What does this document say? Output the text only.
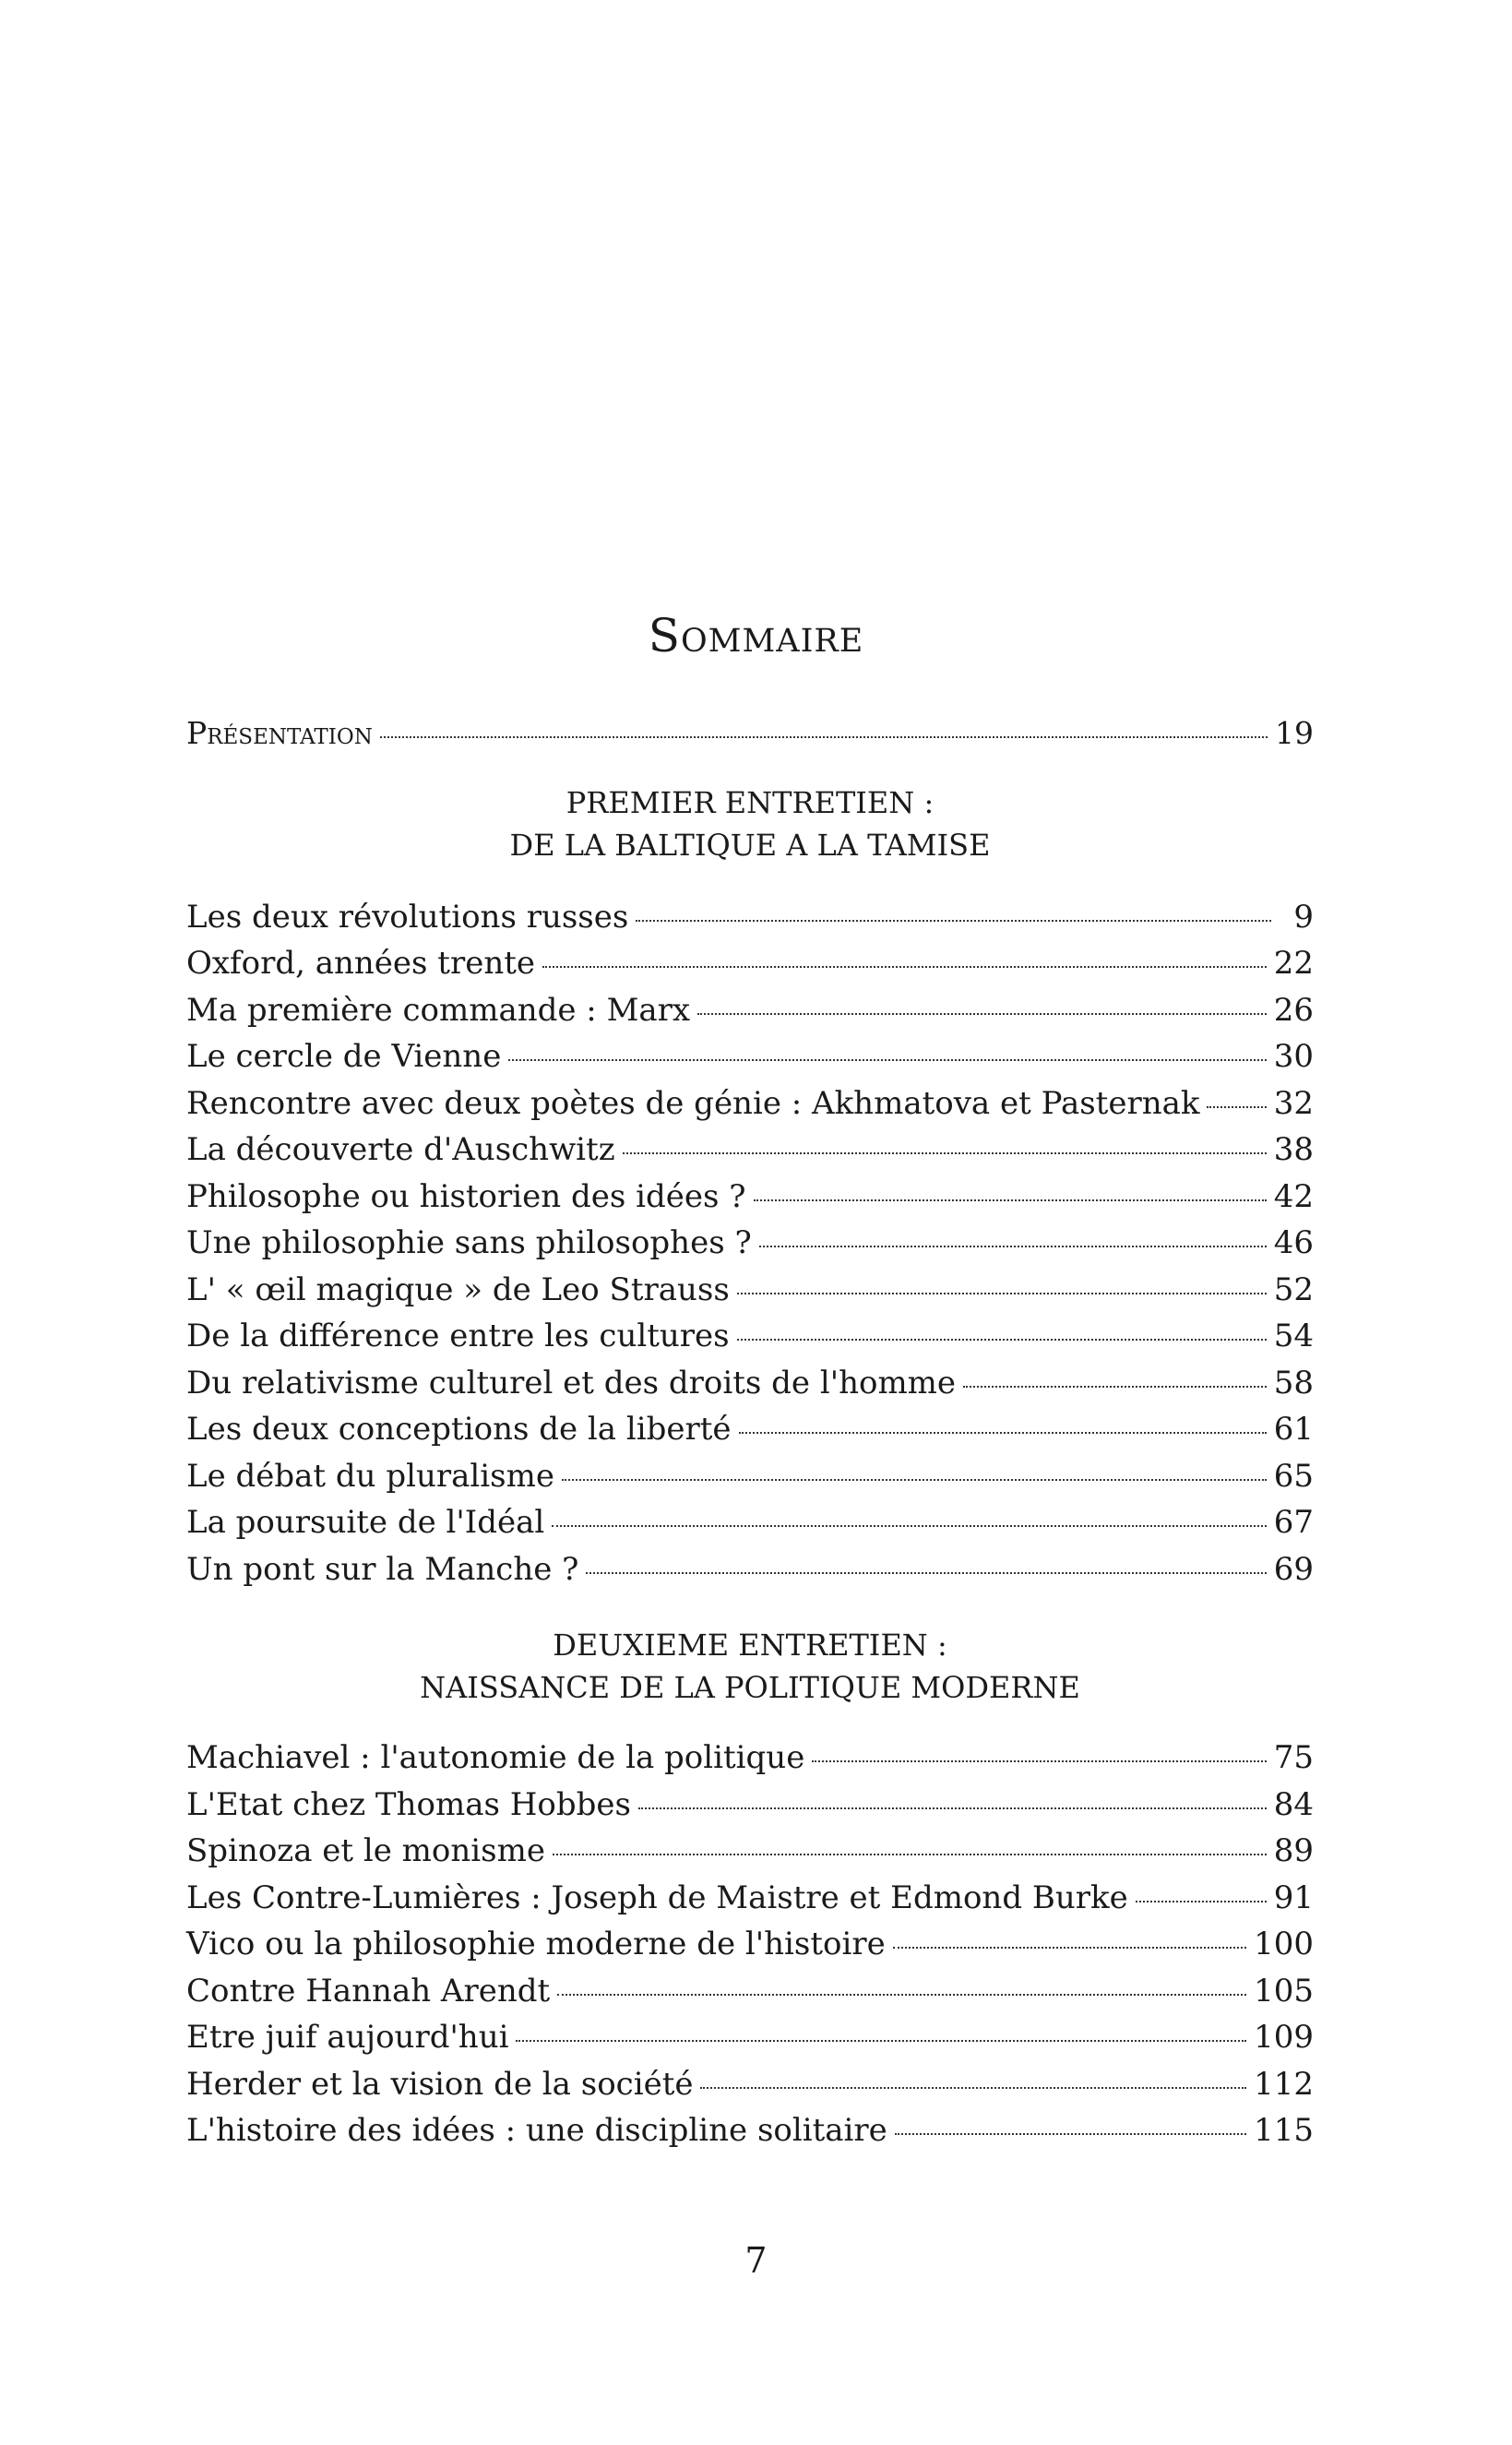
Sommaire
Présentation	19
PREMIER ENTRETIEN :
DE LA BALTIQUE A LA TAMISE
Les deux révolutions russes	9
Oxford, années trente	22
Ma première commande : Marx	26
Le cercle de Vienne	30
Rencontre avec deux poètes de génie : Akhmatova et Pasternak 32
La découverte d'Auschwitz	38
Philosophe ou historien des idées ?	42
Une philosophie sans philosophes ?	46
L' « œil magique » de Leo Strauss	52
De la différence entre les cultures	54
Du relativisme culturel et des droits de l'homme	58
Les deux conceptions de la liberté	61
Le débat du pluralisme	65
La poursuite de l'Idéal	67
Un pont sur la Manche ?	69
DEUXIEME ENTRETIEN :
NAISSANCE DE LA POLITIQUE MODERNE
Machiavel : l'autonomie de la politique	75
L'Etat chez Thomas Hobbes	84
Spinoza et le monisme	89
Les Contre-Lumières : Joseph de Maistre et Edmond Burke	91
Vico ou la philosophie moderne de l'histoire	100
Contre Hannah Arendt	105
Etre juif aujourd'hui	109
Herder et la vision de la société	112
L'histoire des idées : une discipline solitaire	115
7
